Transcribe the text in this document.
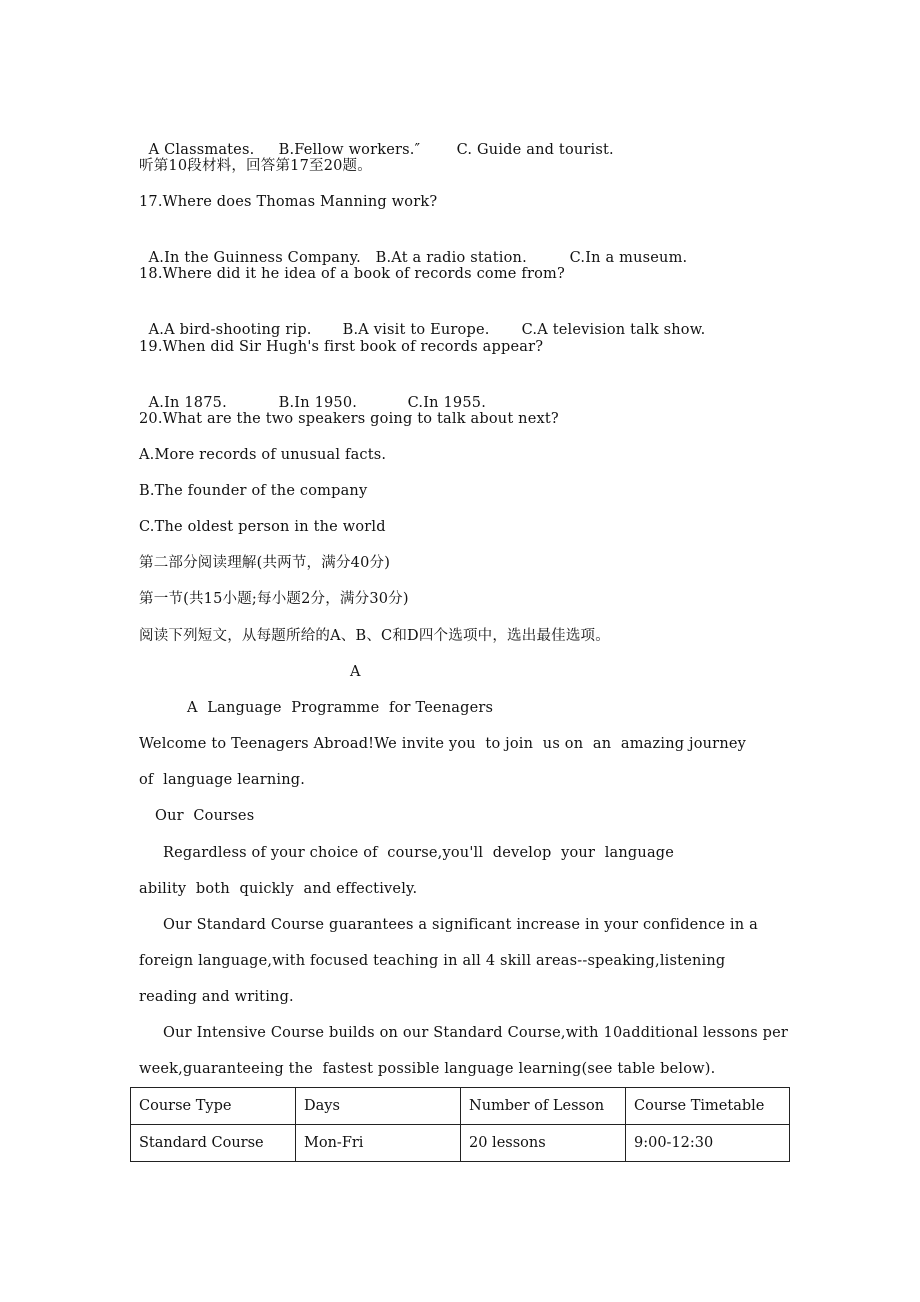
A Classmates. B.Fellow workers.″	C. Guide and tourist.

听第10段材料，回答第17至20题。
17.Where does Thomas Manning work?

A.In the Guinness Company. B.At a radio station.	C.In a museum.

18.Where did it he idea of a book of records come from?

A.A bird-shooting rip. B.A visit to Europe. C.A television talk show.

19.When did Sir Hugh's first book of records appear?

A.In 1875.	B.In 1950.	C.In 1955.

20.What are the two speakers going to talk about next?
A.More records of unusual facts.
B.The founder of the company
C.The oldest person in the world
第二部分阅读理解(共两节，满分40分)
第一节(共15小题;每小题2分，满分30分)
阅读下列短文，从每题所给的A、B、C和D四个选项中，选出最佳选项。
A
A  Language  Programme  for Teenagers
Welcome to Teenagers Abroad!We invite you  to join  us on  an  amazing journey
of  language learning.
Our  Courses
Regardless of your choice of  course,you'll  develop  your  language
ability  both  quickly  and effectively.
Our Standard Course guarantees a significant increase in your confidence in a
foreign language,with focused teaching in all 4 skill areas--speaking,listening
reading and writing.
Our Intensive Course builds on our Standard Course,with 10additional lessons per
week,guaranteeing the  fastest possible language learning(see table below).
Course Type	Days	Number of Lesson	Course Timetable
Standard Course	Mon-Fri	20 lessons	9:00-12:30
